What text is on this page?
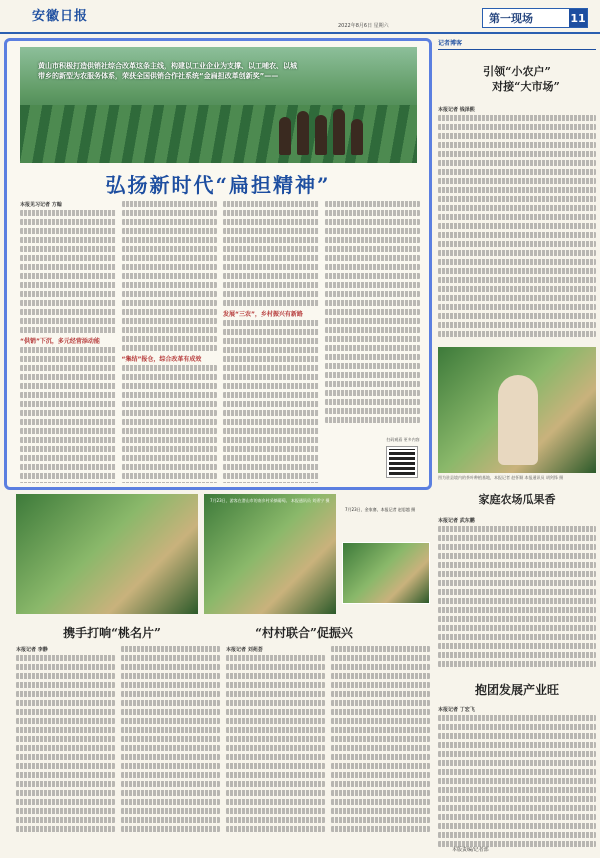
安徽日报
2022年8月6日 星期六
第一现场	11
黄山市积极打造供销社综合改革这条主线，构建以工业企业为支撑、以工哺农、以城带乡的新型为农服务体系，荣获全国供销合作社系统“金扁担改革创新奖”——
弘扬新时代“扁担精神”
本报见习记者 方翰
“供销”下沉，多元经营添动能
“集结”报仓，综合改革有成效
发展“三农”，乡村振兴有新路
扫码观看 更多内容
记者博客
引领“小农户”
对接“大市场”
本报记者 钱泽熙
图为驻县境内的茶叶种植基地，本报记者 赵怀顺 本报通讯员 胡剑锋 摄
家庭农场瓜果香
本报记者 武东鹏
抱团发展产业旺
本报记者 丁宏飞
7月23日，游客在潜山市的南乡村采摘葡萄。 本报通讯员 刘勇宁 摄
7月23日，金家寨，本报记者 赵思越 摄
携手打响“桃名片”	“村村联合”促振兴
本报记者 李静	本报记者 刘苑荟
本版责编/记者部
